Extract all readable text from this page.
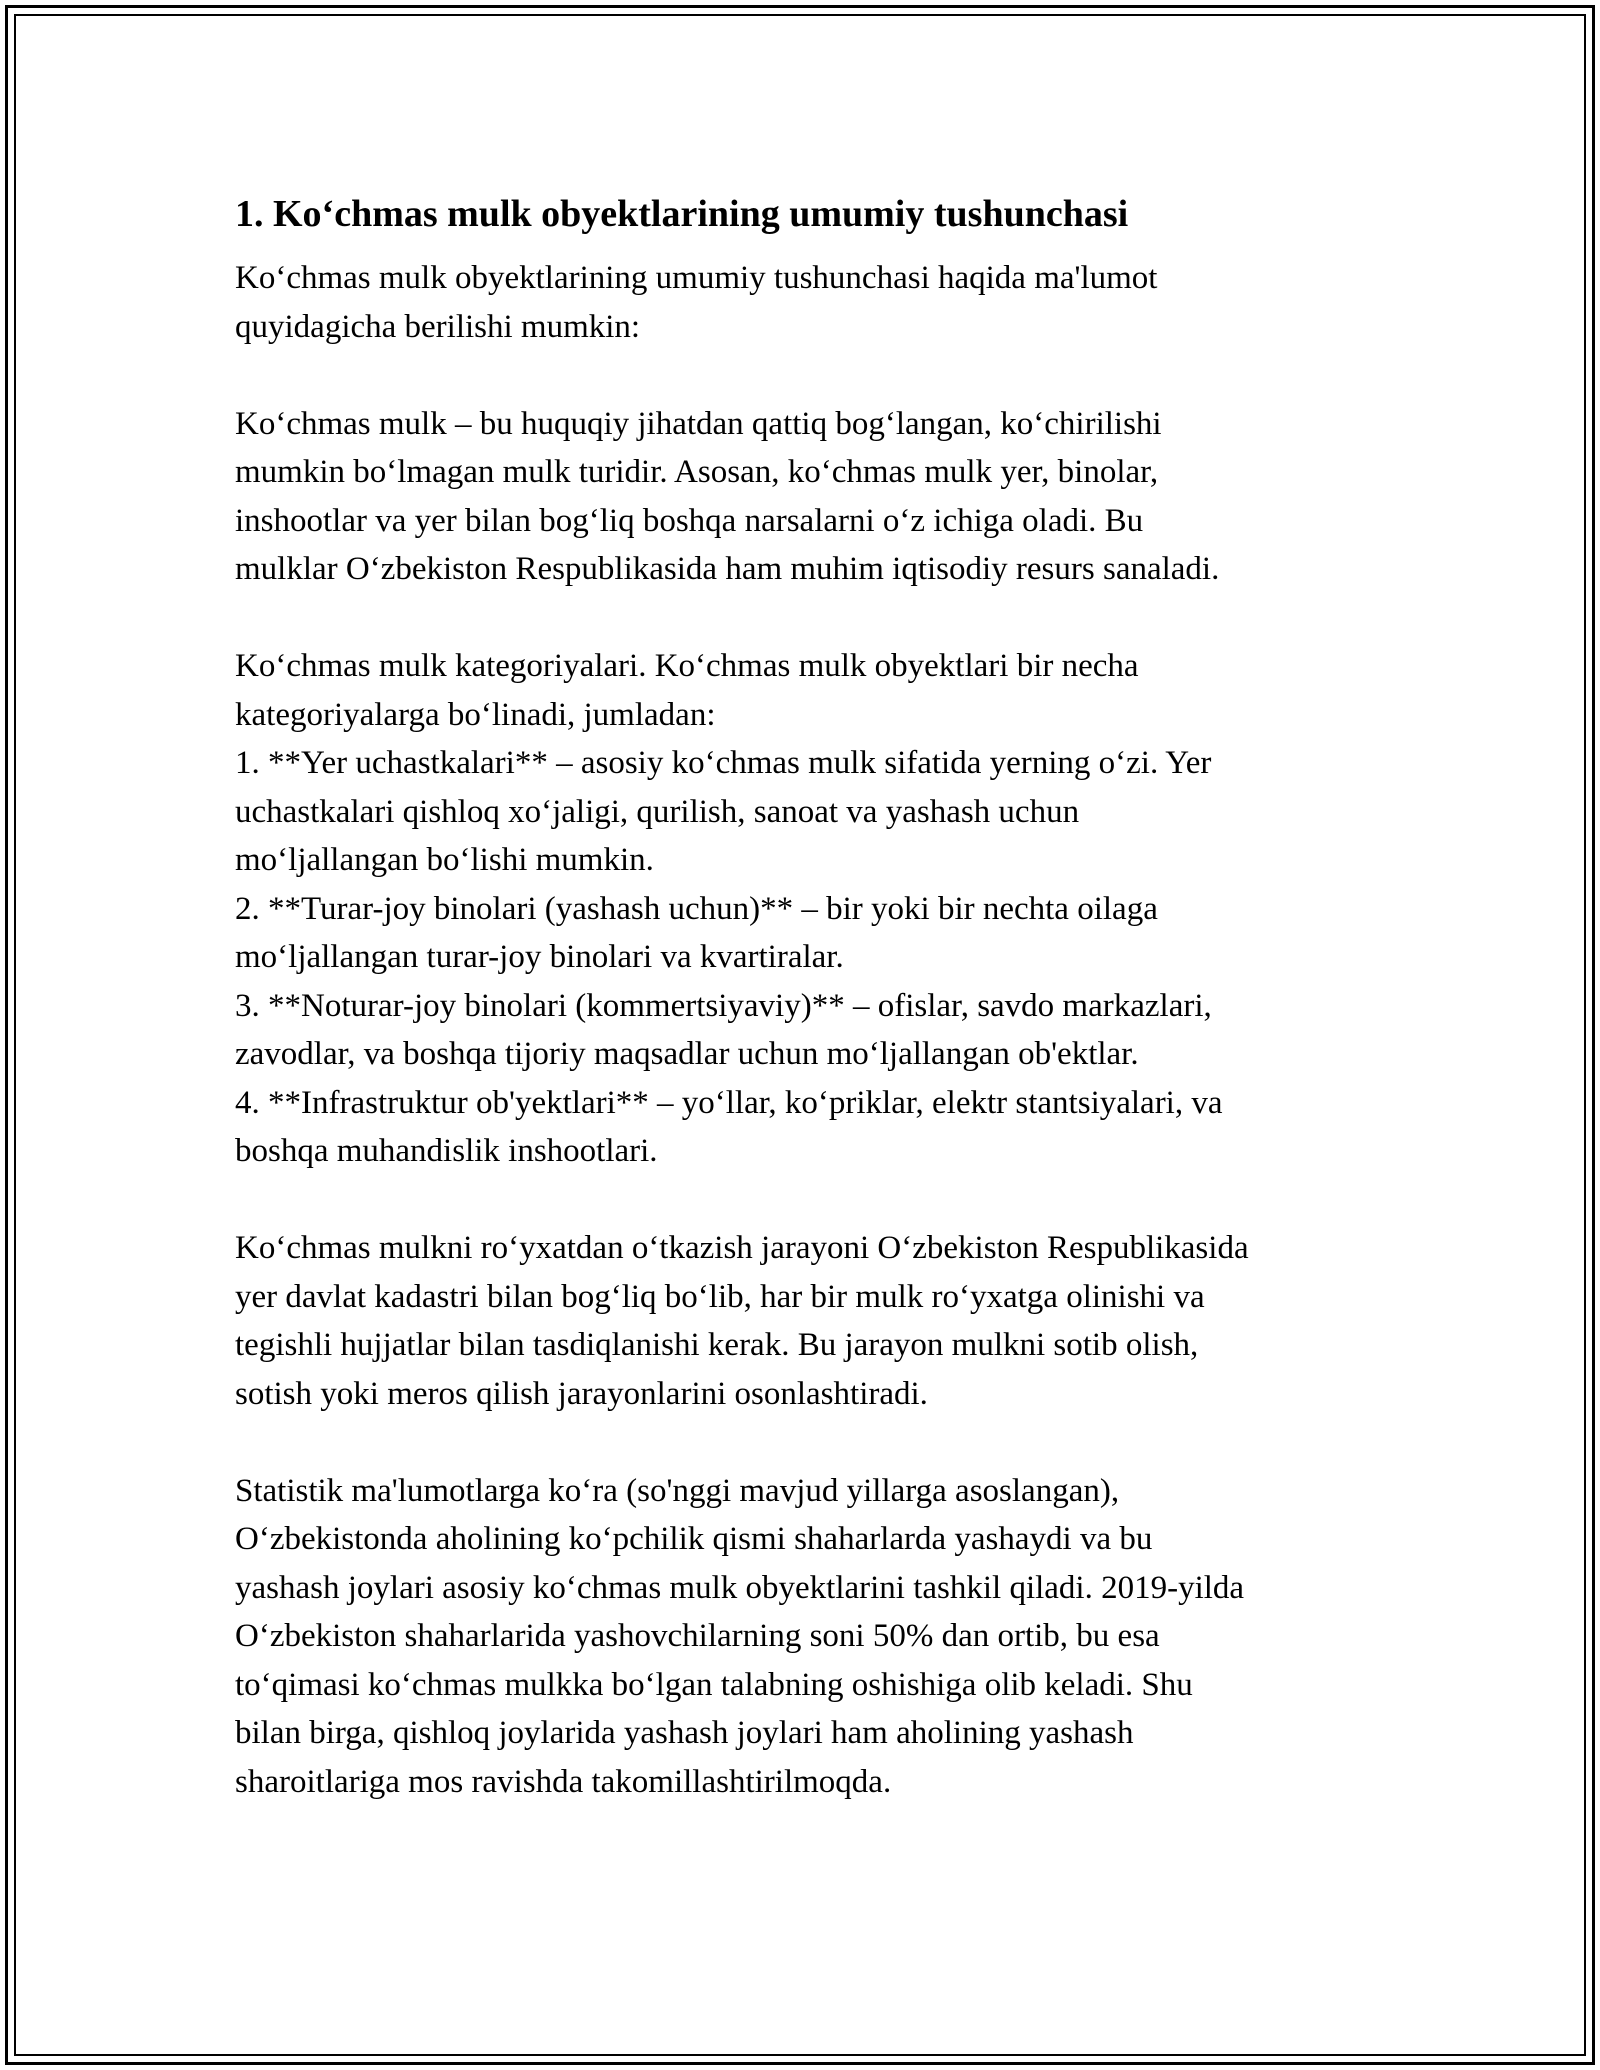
1. Ko‘chmas mulk obyektlarining umumiy tushunchasi

Ko‘chmas mulk obyektlarining umumiy tushunchasi haqida ma'lumot
quyidagicha berilishi mumkin:

Ko‘chmas mulk – bu huquqiy jihatdan qattiq bog‘langan, ko‘chirilishi
mumkin bo‘lmagan mulk turidir. Asosan, ko‘chmas mulk yer, binolar,
inshootlar va yer bilan bog‘liq boshqa narsalarni o‘z ichiga oladi. Bu
mulklar O‘zbekiston Respublikasida ham muhim iqtisodiy resurs sanaladi.

Ko‘chmas mulk kategoriyalari. Ko‘chmas mulk obyektlari bir necha
kategoriyalarga bo‘linadi, jumladan:
1. **Yer uchastkalari** – asosiy ko‘chmas mulk sifatida yerning o‘zi. Yer
uchastkalari qishloq xo‘jaligi, qurilish, sanoat va yashash uchun
mo‘ljallangan bo‘lishi mumkin.
2. **Turar-joy binolari (yashash uchun)** – bir yoki bir nechta oilaga
mo‘ljallangan turar-joy binolari va kvartiralar.
3. **Noturar-joy binolari (kommertsiyaviy)** – ofislar, savdo markazlari,
zavodlar, va boshqa tijoriy maqsadlar uchun mo‘ljallangan ob'ektlar.
4. **Infrastruktur ob'yektlari** – yo‘llar, ko‘priklar, elektr stantsiyalari, va
boshqa muhandislik inshootlari.

Ko‘chmas mulkni ro‘yxatdan o‘tkazish jarayoni O‘zbekiston Respublikasida
yer davlat kadastri bilan bog‘liq bo‘lib, har bir mulk ro‘yxatga olinishi va
tegishli hujjatlar bilan tasdiqlanishi kerak. Bu jarayon mulkni sotib olish,
sotish yoki meros qilish jarayonlarini osonlashtiradi.

Statistik ma'lumotlarga ko‘ra (so'nggi mavjud yillarga asoslangan),
O‘zbekistonda aholining ko‘pchilik qismi shaharlarda yashaydi va bu
yashash joylari asosiy ko‘chmas mulk obyektlarini tashkil qiladi. 2019-yilda
O‘zbekiston shaharlarida yashovchilarning soni 50% dan ortib, bu esa
to‘qimasi ko‘chmas mulkka bo‘lgan talabning oshishiga olib keladi. Shu
bilan birga, qishloq joylarida yashash joylari ham aholining yashash
sharoitlariga mos ravishda takomillashtirilmoqda.
